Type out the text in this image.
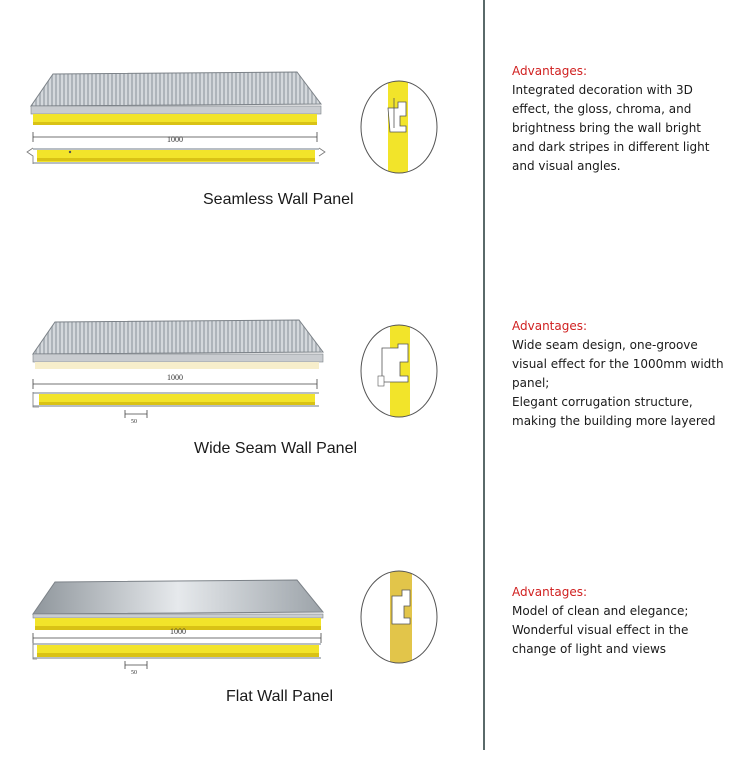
1000
Seamless Wall Panel
Advantages:
Integrated decoration with 3D
effect, the gloss, chroma, and
brightness bring the wall bright
and dark stripes in different light
and visual angles.
1000
50
Wide Seam Wall Panel
Advantages:
Wide seam design, one-groove
visual effect for the 1000mm width
panel;
Elegant corrugation structure,
making the building more layered
1000
50
Flat Wall Panel
Advantages:
Model of clean and elegance;
Wonderful visual effect in the
change of light and views
